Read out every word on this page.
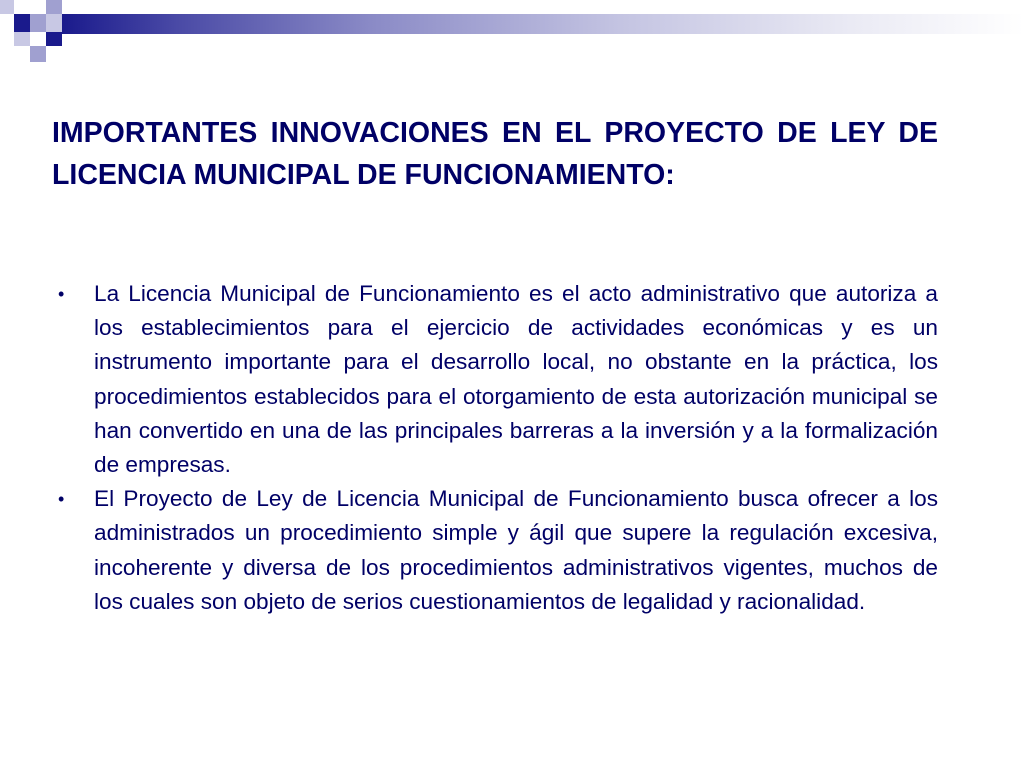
IMPORTANTES INNOVACIONES EN EL PROYECTO DE LEY DE LICENCIA MUNICIPAL DE FUNCIONAMIENTO:
• La Licencia Municipal de Funcionamiento es el acto administrativo que autoriza a los establecimientos para el ejercicio de actividades económicas y es un instrumento importante para el desarrollo local, no obstante en la práctica, los procedimientos establecidos para el otorgamiento de esta autorización municipal se han convertido en una de las principales barreras a la inversión y a la formalización de empresas.
• El Proyecto de Ley de Licencia Municipal de Funcionamiento busca ofrecer a los administrados un procedimiento simple y ágil que supere la regulación excesiva, incoherente y diversa de los procedimientos administrativos vigentes, muchos de los cuales son objeto de serios cuestionamientos de legalidad y racionalidad.
